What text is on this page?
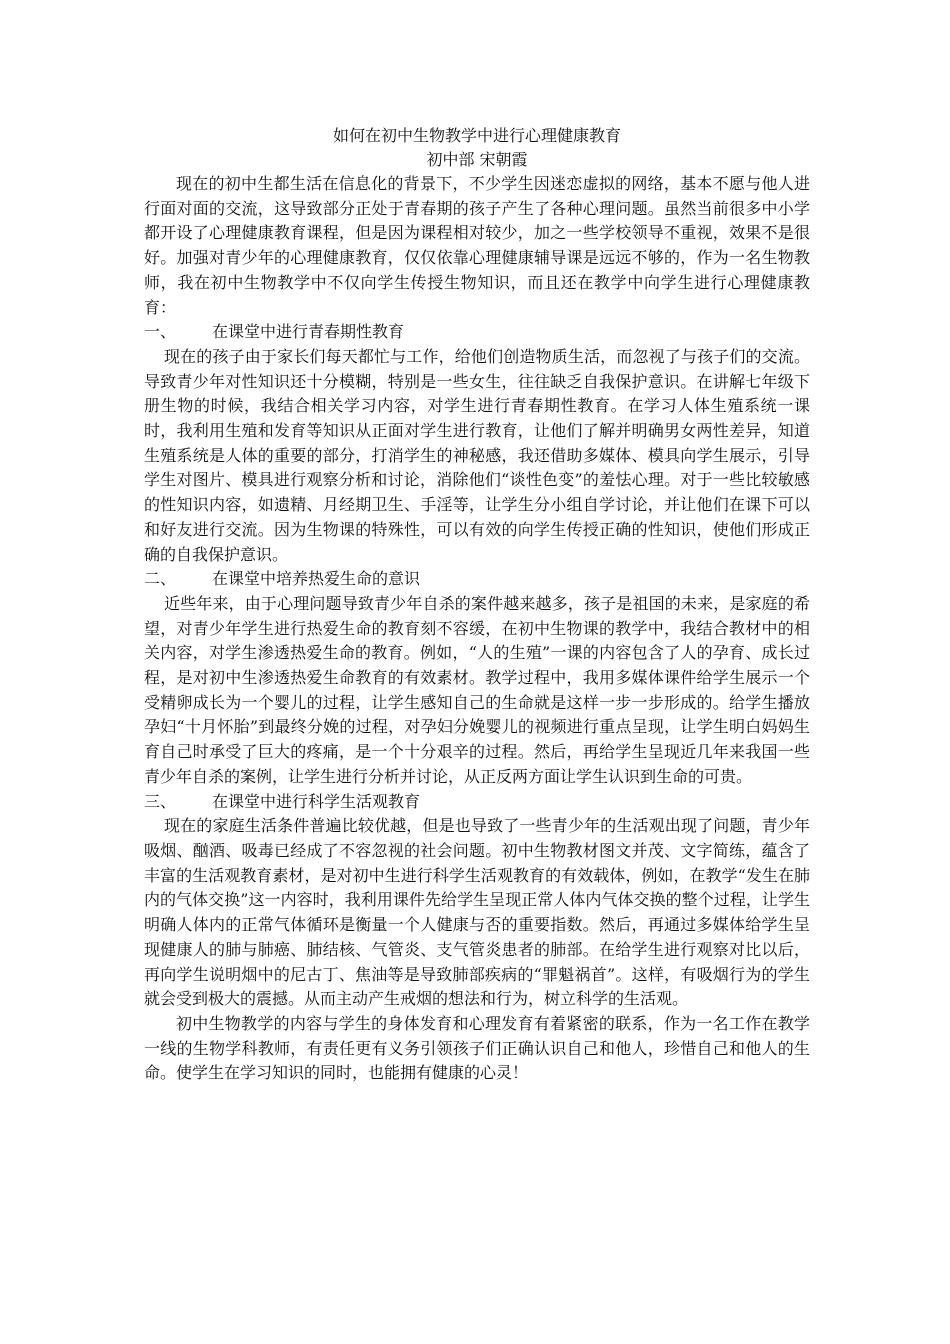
如何在初中生物教学中进行心理健康教育

初中部 宋朝霞

现在的初中生都生活在信息化的背景下，不少学生因迷恋虚拟的网络，基本不愿与他人进行面对面的交流，这导致部分正处于青春期的孩子产生了各种心理问题。虽然当前很多中小学都开设了心理健康教育课程，但是因为课程相对较少，加之一些学校领导不重视，效果不是很好。加强对青少年的心理健康教育，仅仅依靠心理健康辅导课是远远不够的，作为一名生物教师，我在初中生物教学中不仅向学生传授生物知识，而且还在教学中向学生进行心理健康教育：

一、	在课堂中进行青春期性教育

现在的孩子由于家长们每天都忙与工作，给他们创造物质生活，而忽视了与孩子们的交流。导致青少年对性知识还十分模糊，特别是一些女生，往往缺乏自我保护意识。在讲解七年级下册生物的时候，我结合相关学习内容，对学生进行青春期性教育。在学习人体生殖系统一课时，我利用生殖和发育等知识从正面对学生进行教育，让他们了解并明确男女两性差异，知道生殖系统是人体的重要的部分，打消学生的神秘感，我还借助多媒体、模具向学生展示，引导学生对图片、模具进行观察分析和讨论，消除他们“谈性色变”的羞怯心理。对于一些比较敏感的性知识内容，如遗精、月经期卫生、手淫等，让学生分小组自学讨论，并让他们在课下可以和好友进行交流。因为生物课的特殊性，可以有效的向学生传授正确的性知识，使他们形成正确的自我保护意识。

二、	在课堂中培养热爱生命的意识

近些年来，由于心理问题导致青少年自杀的案件越来越多，孩子是祖国的未来，是家庭的希望，对青少年学生进行热爱生命的教育刻不容缓，在初中生物课的教学中，我结合教材中的相关内容，对学生渗透热爱生命的教育。例如，“人的生殖”一课的内容包含了人的孕育、成长过程，是对初中生渗透热爱生命教育的有效素材。教学过程中，我用多媒体课件给学生展示一个受精卵成长为一个婴儿的过程，让学生感知自己的生命就是这样一步一步形成的。给学生播放孕妇“十月怀胎”到最终分娩的过程，对孕妇分娩婴儿的视频进行重点呈现，让学生明白妈妈生育自己时承受了巨大的疼痛，是一个十分艰辛的过程。然后，再给学生呈现近几年来我国一些青少年自杀的案例，让学生进行分析并讨论，从正反两方面让学生认识到生命的可贵。

三、	在课堂中进行科学生活观教育

现在的家庭生活条件普遍比较优越，但是也导致了一些青少年的生活观出现了问题，青少年吸烟、酗酒、吸毒已经成了不容忽视的社会问题。初中生物教材图文并茂、文字简练，蕴含了丰富的生活观教育素材，是对初中生进行科学生活观教育的有效载体，例如，在教学“发生在肺内的气体交换”这一内容时，我利用课件先给学生呈现正常人体内气体交换的整个过程，让学生明确人体内的正常气体循环是衡量一个人健康与否的重要指数。然后，再通过多媒体给学生呈现健康人的肺与肺癌、肺结核、气管炎、支气管炎患者的肺部。在给学生进行观察对比以后，再向学生说明烟中的尼古丁、焦油等是导致肺部疾病的“罪魁祸首”。这样，有吸烟行为的学生就会受到极大的震撼。从而主动产生戒烟的想法和行为，树立科学的生活观。

初中生物教学的内容与学生的身体发育和心理发育有着紧密的联系，作为一名工作在教学一线的生物学科教师，有责任更有义务引领孩子们正确认识自己和他人，珍惜自己和他人的生命。使学生在学习知识的同时，也能拥有健康的心灵！
